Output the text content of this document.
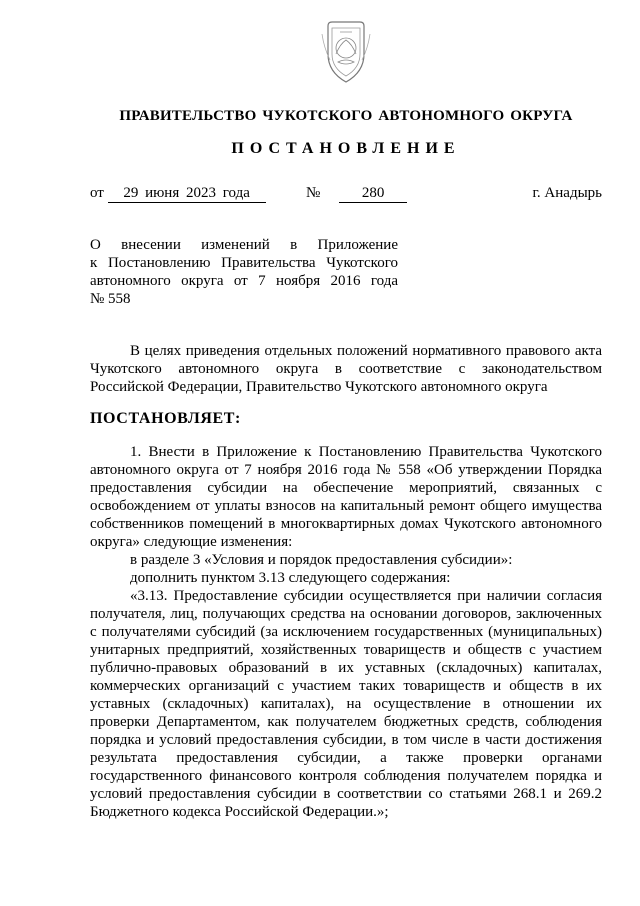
ПРАВИТЕЛЬСТВО ЧУКОТСКОГО АВТОНОМНОГО ОКРУГА
ПОСТАНОВЛЕНИЕ
от 29 июня 2023 года	№	280	г. Анадырь
О внесении изменений в Приложение
к Постановлению Правительства Чукотского
автономного округа от 7 ноября 2016 года
№ 558
В целях приведения отдельных положений нормативного правового акта Чукотского автономного округа в соответствие с законодательством Российской Федерации, Правительство Чукотского автономного округа
ПОСТАНОВЛЯЕТ:
1. Внести в Приложение к Постановлению Правительства Чукотского автономного округа от 7 ноября 2016 года № 558 «Об утверждении Порядка предоставления субсидии на обеспечение мероприятий, связанных с освобождением от уплаты взносов на капитальный ремонт общего имущества собственников помещений в многоквартирных домах Чукотского автономного округа» следующие изменения:
в разделе 3 «Условия и порядок предоставления субсидии»:
дополнить пунктом 3.13 следующего содержания:
«3.13. Предоставление субсидии осуществляется при наличии согласия получателя, лиц, получающих средства на основании договоров, заключенных с получателями субсидий (за исключением государственных (муниципальных) унитарных предприятий, хозяйственных товариществ и обществ с участием публично-правовых образований в их уставных (складочных) капиталах, коммерческих организаций с участием таких товариществ и обществ в их уставных (складочных) капиталах), на осуществление в отношении их проверки Департаментом, как получателем бюджетных средств, соблюдения порядка и условий предоставления субсидии, в том числе в части достижения результата предоставления субсидии, а также проверки органами государственного финансового контроля соблюдения получателем порядка и условий предоставления субсидии в соответствии со статьями 268.1 и 269.2 Бюджетного кодекса Российской Федерации.»;
